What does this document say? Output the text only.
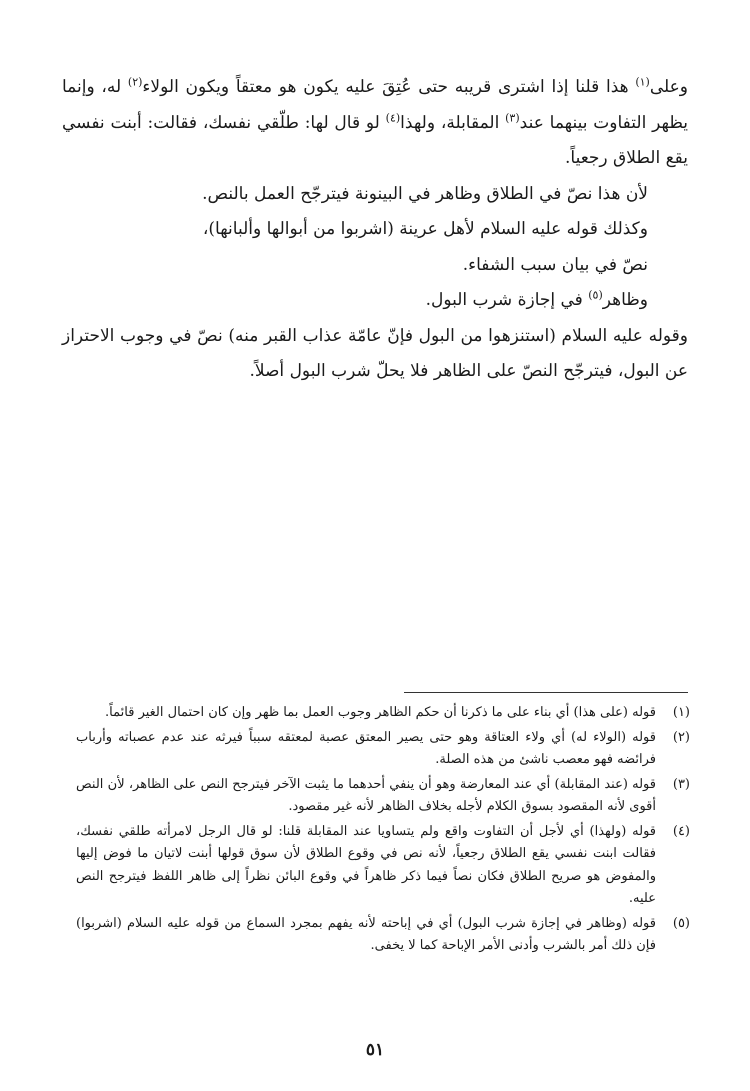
وعلى$^{(١)}$ هذا قلنا إذا اشترى قريبه حتى عُتِقَ عليه يكون هو معتقاً ويكون الولاء$^{(٢)}$ له، وإنما يظهر التفاوت بينهما عند$^{(٣)}$ المقابلة، ولهذا$^{(٤)}$ لو قال لها: طلّقي نفسك، فقالت: أبنت نفسي يقع الطلاق رجعياً.

لأن هذا نصّ في الطلاق وظاهر في البينونة فيترجّح العمل بالنص.

وكذلك قوله عليه السلام لأهل عرينة (اشربوا من أبوالها وألبانها)،

نصّ في بيان سبب الشفاء.

وظاهر$^{(٥)}$ في إجازة شرب البول.

وقوله عليه السلام (استنزهوا من البول فإنّ عامّة عذاب القبر منه) نصّ في وجوب الاحتراز عن البول، فيترجّح النصّ على الظاهر فلا يحلّ شرب البول أصلاً.

(١)
قوله (على هذا) أي بناء على ما ذكرنا أن حكم الظاهر وجوب العمل بما ظهر وإن كان احتمال الغير قائماً.
(٢)
قوله (الولاء له) أي ولاء العتاقة وهو حتى يصير المعتق عصبة لمعتقه سبباً فيرثه عند عدم عصباته وأرباب فرائضه فهو معصب ناشئ من هذه الصلة.
(٣)
قوله (عند المقابلة) أي عند المعارضة وهو أن ينفي أحدهما ما يثبت الآخر فيترجح النص على الظاهر، لأن النص أقوى لأنه المقصود بسوق الكلام لأجله بخلاف الظاهر لأنه غير مقصود.
(٤)
قوله (ولهذا) أي لأجل أن التفاوت واقع ولم يتساويا عند المقابلة قلنا: لو قال الرجل لامرأته طلقي نفسك، فقالت ابنت نفسي يقع الطلاق رجعياً، لأنه نص في وقوع الطلاق لأن سوق قولها أبنت لاتيان ما فوض إليها والمفوض هو صريح الطلاق فكان نصاً فيما ذكر ظاهراً في وقوع البائن نظراً إلى ظاهر اللفظ فيترجح النص عليه.
(٥)
قوله (وظاهر في إجازة شرب البول) أي في إباحته لأنه يفهم بمجرد السماع من قوله عليه السلام (اشربوا) فإن ذلك أمر بالشرب وأدنى الأمر الإباحة كما لا يخفى.
٥١
